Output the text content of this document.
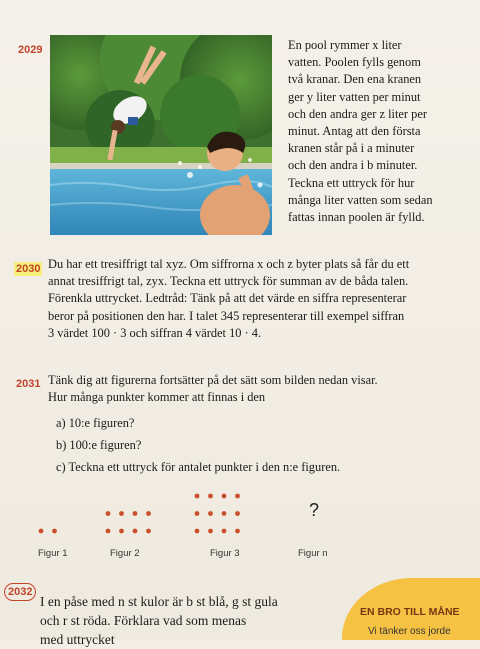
2029	En pool rymmer x liter
vatten. Poolen fylls genom
två kranar. Den ena kranen
ger y liter vatten per minut
och den andra ger z liter per
minut. Antag att den första
kranen står på i a minuter
och den andra i b minuter.
Teckna ett uttryck för hur
många liter vatten som sedan
fattas innan poolen är fylld.
2030 Du har ett tresiffrigt tal xyz. Om siffrorna x och z byter plats så får du ett
annat tresiffrigt tal, zyx. Teckna ett uttryck för summan av de båda talen.
Förenkla uttrycket. Ledtråd: Tänk på att det värde en siffra representerar
beror på positionen den har. I talet 345 representerar till exempel siffran
3 värdet 100 · 3 och siffran 4 värdet 10 · 4.
2031 Tänk dig att figurerna fortsätter på det sätt som bilden nedan visar.
Hur många punkter kommer att finnas i den
a) 10:e figuren?
b) 100:e figuren?
c) Teckna ett uttryck för antalet punkter i den n:e figuren.
?
Figur 1	Figur 2	Figur 3	Figur n
2032
I en påse med n st kulor är b st blå, g st gula
och r st röda. Förklara vad som menas
med uttrycket
EN BRO TILL MÅNE
Vi tänker oss jorde
